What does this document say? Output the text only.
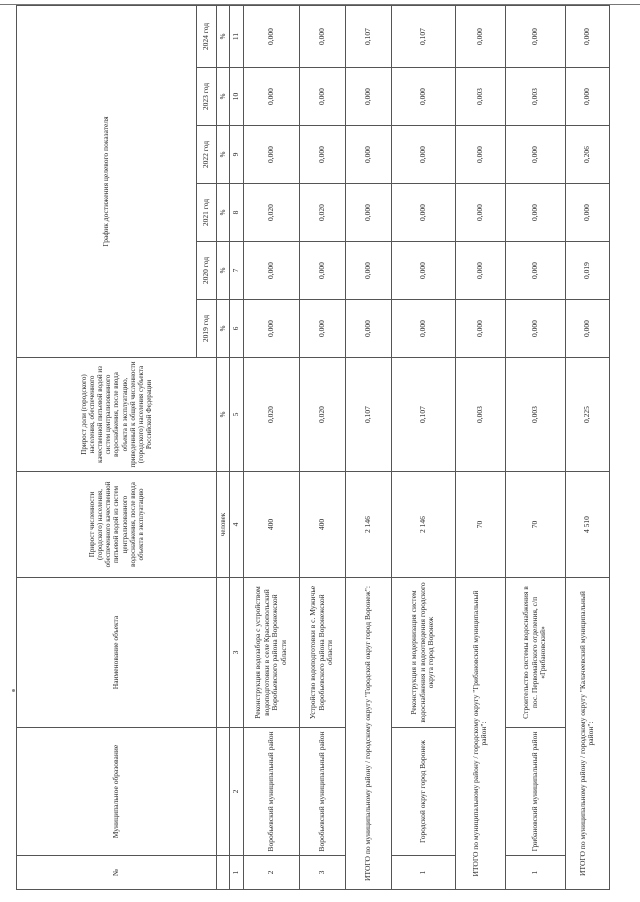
№	Муниципальное образование	Наименование объекта	Прирост численности (городского) населения, обеспеченного качественной питьевой водой из систем централизованного водоснабжения, после ввода объекта в эксплуатацию	Прирост доли (городского) населения, обеспеченного качественной питьевой водой из систем централизованного водоснабжения, после ввода объекта в эксплуатацию, приведенный к общей численности (городского) населения субъекта Российской Федерации	График достижения целевого показателя					
					2019 год	2020 год	2021 год	2022 год	2023 год	2024 год
			человек	%	%	%	%	%	%	%
1	2	3	4	5	6	7	8	9	10	11
2	Воробьевский муниципальный район	Реконструкция водозабора с устройством водоподготовки в селе Краснопольский Воробьевского района Воронежской области	400	0,020	0,000	0,000	0,020	0,000	0,000	0,000
3	Воробьевский муниципальный район	Устройство водоподготовки в с. Мужичье Воробьевского района Воронежской области	400	0,020	0,000	0,000	0,020	0,000	0,000	0,000
ИТОГО по муниципальному району / городскому округу "Городской округ город Воронеж":			2 146	0,107	0,000	0,000	0,000	0,000	0,000	0,107
1	Городской округ город Воронеж	Реконструкция и модернизация систем водоснабжения и водоотведения городского округа город Воронеж	2 146	0,107	0,000	0,000	0,000	0,000	0,000	0,107
ИТОГО по муниципальному району / городскому округу "Грибановский муниципальный район":			70	0,003	0,000	0,000	0,000	0,000	0,003	0,000
1	Грибановский муниципальный район	Строительство системы водоснабжения в пос. Первомайского отделения, с/п «Грибановский»	70	0,003	0,000	0,000	0,000	0,000	0,003	0,000
ИТОГО по муниципальному району / городскому округу "Калачеевский муниципальный район":			4 510	0,225	0,000	0,019	0,000	0,206	0,000	0,000
